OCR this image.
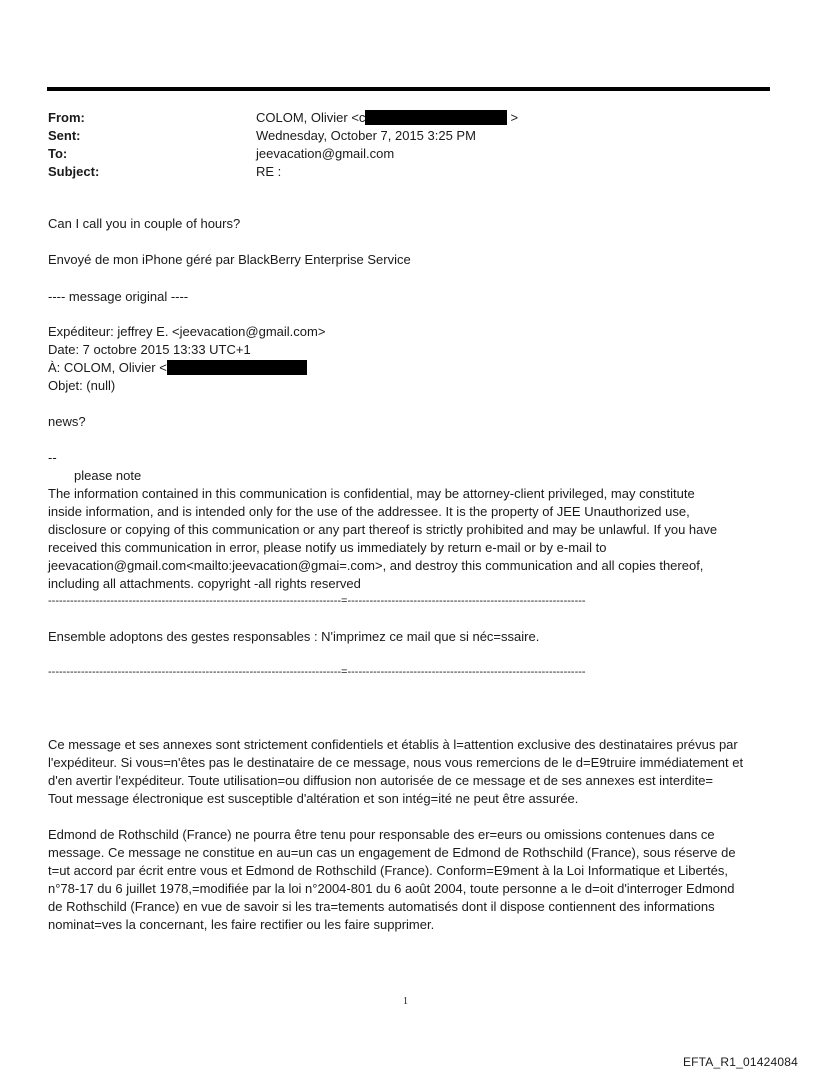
From:	COLOM, Olivier <c	>
Sent:	Wednesday, October 7, 2015 3:25 PM
To:	jeevacation@gmail.com
Subject:	RE :
Can I call you in couple of hours?
Envoyé de mon iPhone géré par BlackBerry Enterprise Service
---- message original ----
Expéditeur: jeffrey E. <jeevacation@gmail.com>
Date: 7 octobre 2015 13:33 UTC+1
À: COLOM, Olivier <
Objet: (null)
news?
--
please note
The information contained in this communication is confidential, may be attorney-client privileged, may constitute
inside information, and is intended only for the use of the addressee. It is the property of JEE Unauthorized use,
disclosure or copying of this communication or any part thereof is strictly prohibited and may be unlawful. If you have
received this communication in error, please notify us immediately by return e-mail or by e-mail to
jeevacation@gmail.com<mailto:jeevacation@gmai=.com>, and destroy this communication and all copies thereof,
including all attachments. copyright -all rights reserved
--------------------------------------------------------------------------------=-----------------------------------------------------------------
Ensemble adoptons des gestes responsables : N'imprimez ce mail que si néc=ssaire.
--------------------------------------------------------------------------------=-----------------------------------------------------------------
Ce message et ses annexes sont strictement confidentiels et établis à l=attention exclusive des destinataires prévus par
l'expéditeur. Si vous=n'êtes pas le destinataire de ce message, nous vous remercions de le d=E9truire immédiatement et
d'en avertir l'expéditeur. Toute utilisation=ou diffusion non autorisée de ce message et de ses annexes est interdite=
Tout message électronique est susceptible d'altération et son intég=ité ne peut être assurée.
Edmond de Rothschild (France) ne pourra être tenu pour responsable des er=eurs ou omissions contenues dans ce
message. Ce message ne constitue en au=un cas un engagement de Edmond de Rothschild (France), sous réserve de
t=ut accord par écrit entre vous et Edmond de Rothschild (France). Conform=E9ment à la Loi Informatique et Libertés,
n°78-17 du 6 juillet 1978,=modifiée par la loi n°2004-801 du 6 août 2004, toute personne a le d=oit d'interroger Edmond
de Rothschild (France) en vue de savoir si les tra=tements automatisés dont il dispose contiennent des informations
nominat=ves la concernant, les faire rectifier ou les faire supprimer.
1
EFTA_R1_01424084
